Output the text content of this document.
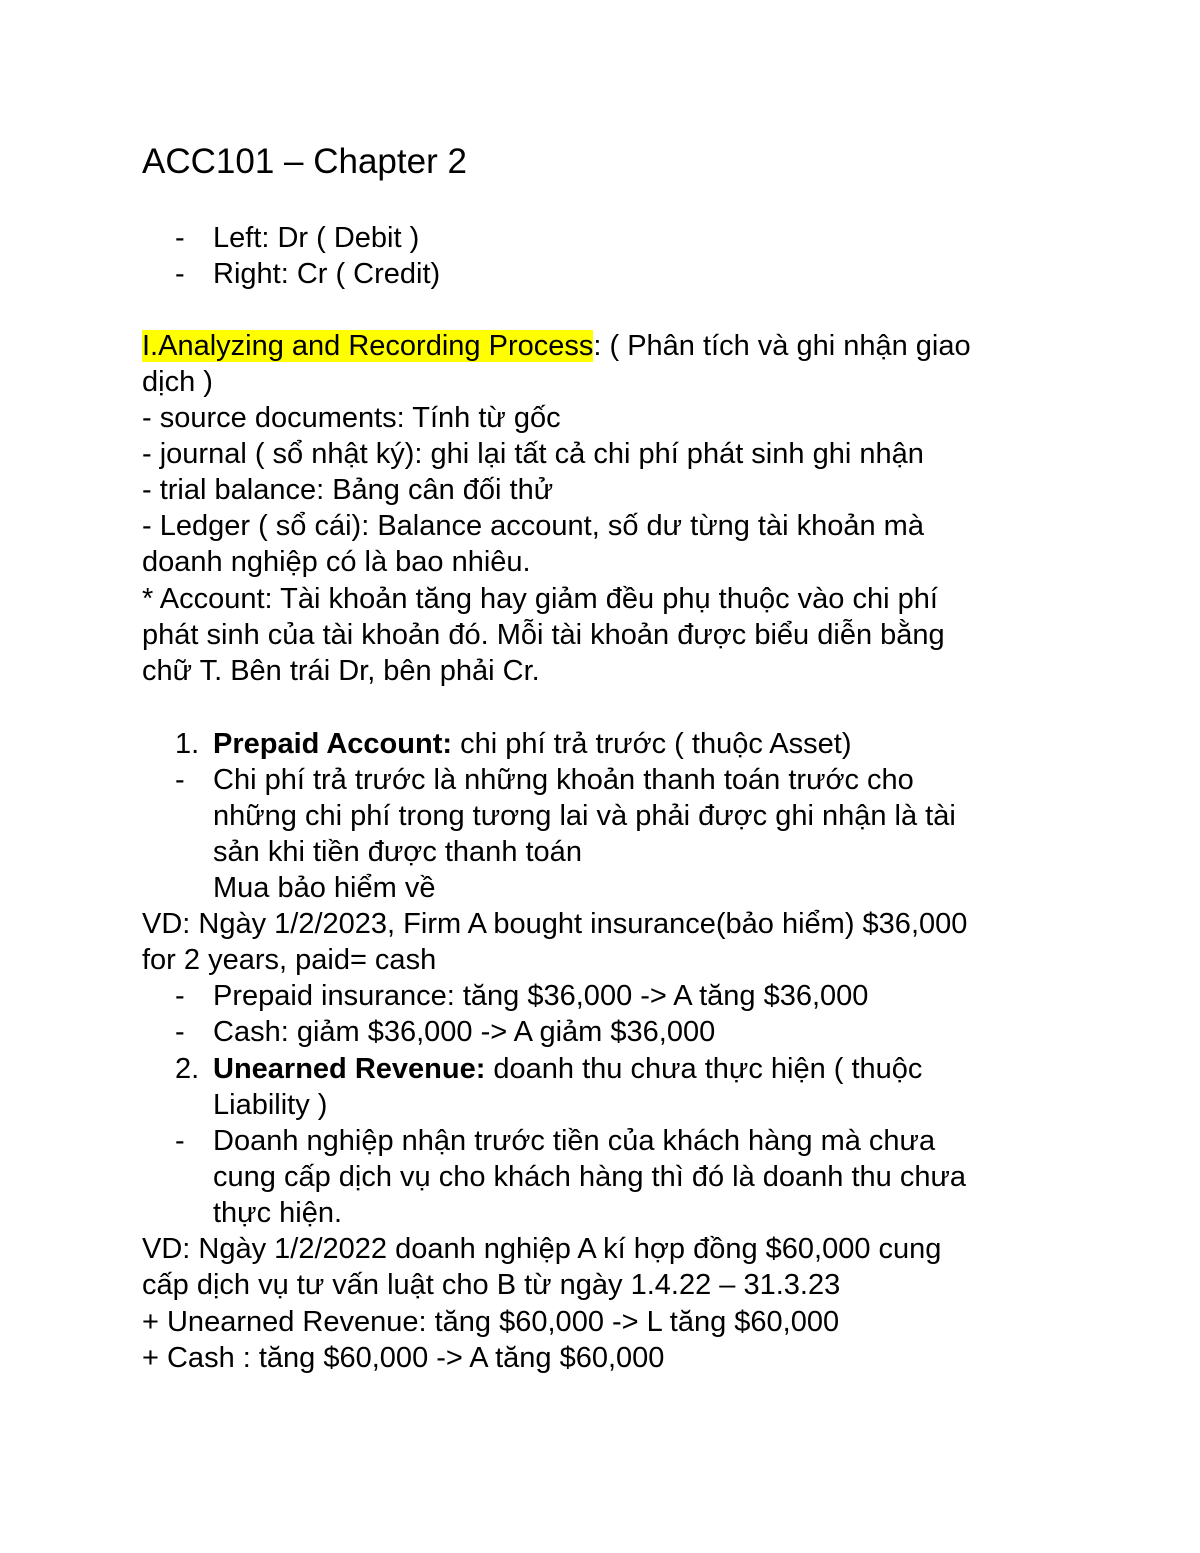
ACC101 – Chapter 2
- Left: Dr ( Debit )
- Right: Cr ( Credit)
I.Analyzing and Recording Process: ( Phân tích và ghi nhận giao
dịch )
- source documents: Tính từ gốc
- journal ( sổ nhật ký): ghi lại tất cả chi phí phát sinh ghi nhận
- trial balance: Bảng cân đối thử
- Ledger ( sổ cái): Balance account, số dư từng tài khoản mà
doanh nghiệp có là bao nhiêu.
* Account: Tài khoản tăng hay giảm đều phụ thuộc vào chi phí
phát sinh của tài khoản đó. Mỗi tài khoản được biểu diễn bằng
chữ T. Bên trái Dr, bên phải Cr.
1. Prepaid Account: chi phí trả trước ( thuộc Asset)
- Chi phí trả trước là những khoản thanh toán trước cho
những chi phí trong tương lai và phải được ghi nhận là tài
sản khi tiền được thanh toán
Mua bảo hiểm về
VD: Ngày 1/2/2023, Firm A bought insurance(bảo hiểm) $36,000
for 2 years, paid= cash
- Prepaid insurance: tăng $36,000 -> A tăng $36,000
- Cash: giảm $36,000 -> A giảm $36,000
2. Unearned Revenue: doanh thu chưa thực hiện ( thuộc
Liability )
- Doanh nghiệp nhận trước tiền của khách hàng mà chưa
cung cấp dịch vụ cho khách hàng thì đó là doanh thu chưa
thực hiện.
VD: Ngày 1/2/2022 doanh nghiệp A kí hợp đồng $60,000 cung
cấp dịch vụ tư vấn luật cho B từ ngày 1.4.22 – 31.3.23
+ Unearned Revenue: tăng $60,000 -> L tăng $60,000
+ Cash : tăng $60,000 -> A tăng $60,000
